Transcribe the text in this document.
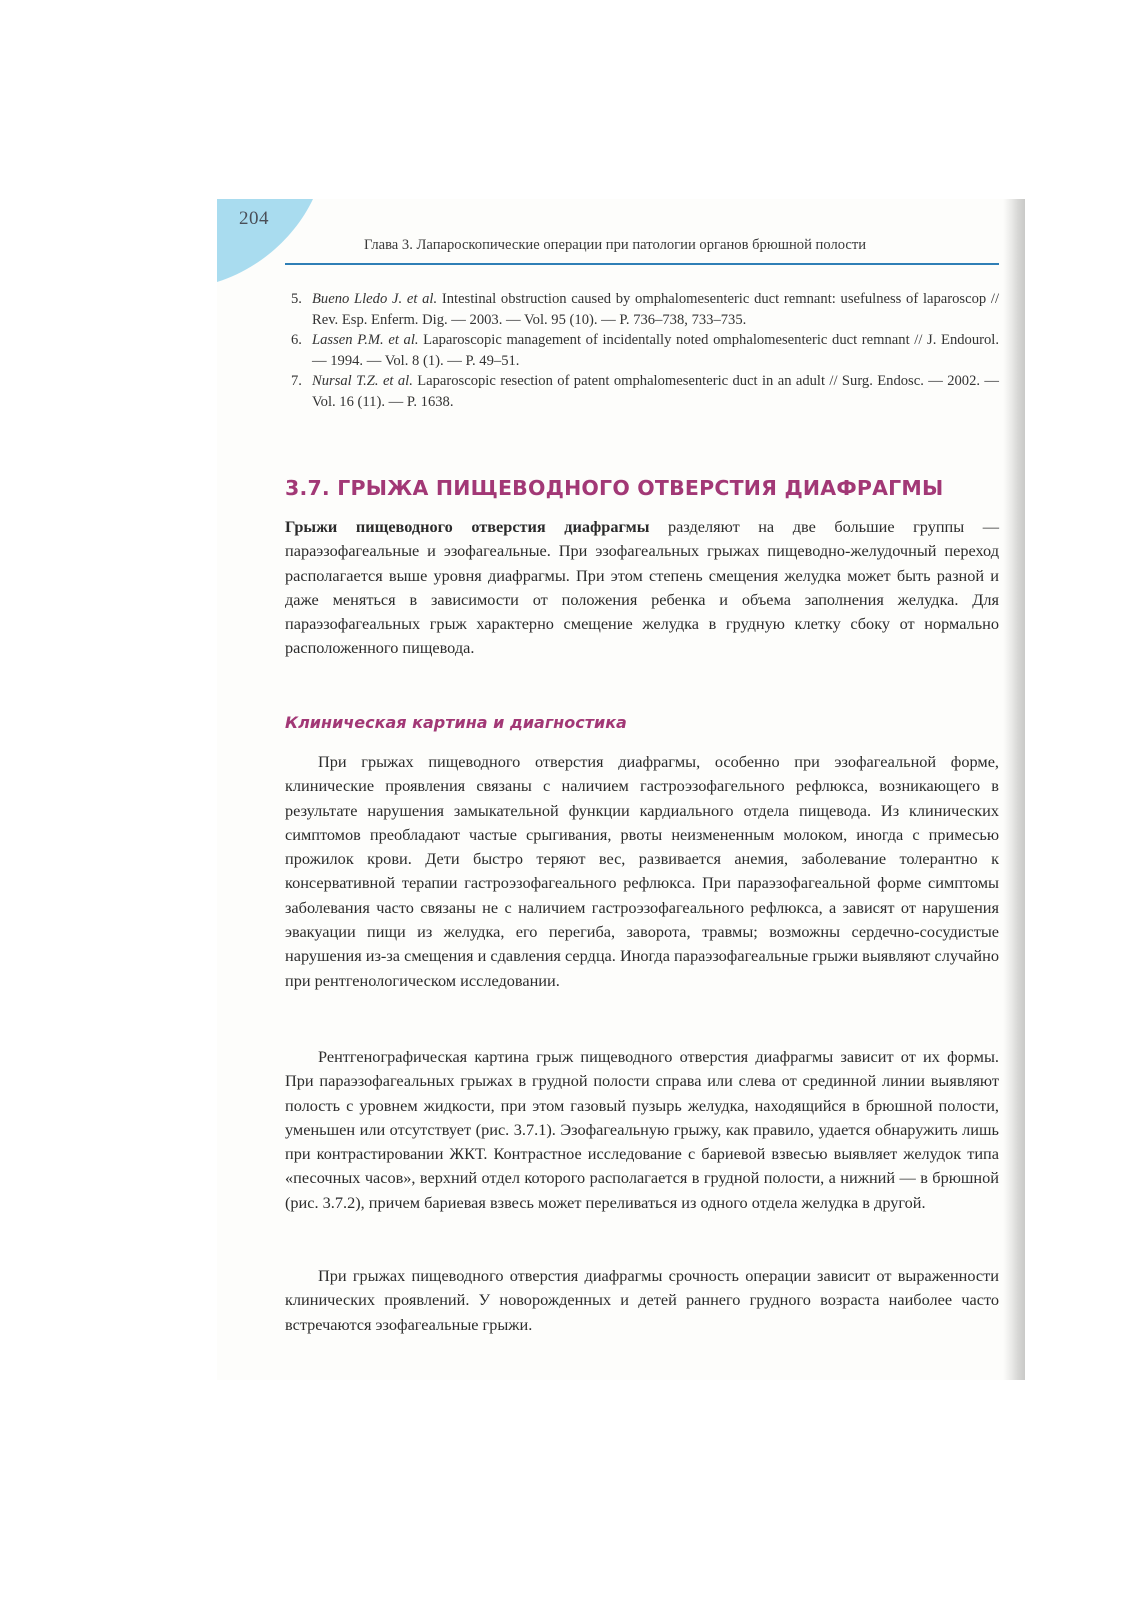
204
Глава 3. Лапароскопические операции при патологии органов брюшной полости
5. Bueno Lledo J. et al. Intestinal obstruction caused by omphalomesenteric duct remnant: usefulness of laparoscop // Rev. Esp. Enferm. Dig. — 2003. — Vol. 95 (10). — P. 736–738, 733–735.
6. Lassen P.M. et al. Laparoscopic management of incidentally noted omphalomesenteric duct remnant // J. Endourol. — 1994. — Vol. 8 (1). — P. 49–51.
7. Nursal T.Z. et al. Laparoscopic resection of patent omphalomesenteric duct in an adult // Surg. Endosc. — 2002. — Vol. 16 (11). — P. 1638.
3.7. ГРЫЖА ПИЩЕВОДНОГО ОТВЕРСТИЯ ДИАФРАГМЫ

Грыжи пищеводного отверстия диафрагмы разделяют на две большие группы — параэзофагеальные и эзофагеальные. При эзофагеальных грыжах пищеводно-желудочный переход располагается выше уровня диафрагмы. При этом степень смещения желудка может быть разной и даже меняться в зависимости от положения ребенка и объема заполнения желудка. Для параэзофагеальных грыж характерно смещение желудка в грудную клетку сбоку от нормально расположенного пищевода.

Клиническая картина и диагностика

При грыжах пищеводного отверстия диафрагмы, особенно при эзофагеальной форме, клинические проявления связаны с наличием гастроэзофагельного рефлюкса, возникающего в результате нарушения замыкательной функции кардиального отдела пищевода. Из клинических симптомов преобладают частые срыгивания, рвоты неизмененным молоком, иногда с примесью прожилок крови. Дети быстро теряют вес, развивается анемия, заболевание толерантно к консервативной терапии гастроэзофагеального рефлюкса. При параэзофагеальной форме симптомы заболевания часто связаны не с наличием гастроэзофагеального рефлюкса, а зависят от нарушения эвакуации пищи из желудка, его перегиба, заворота, травмы; возможны сердечно-сосудистые нарушения из-за смещения и сдавления сердца. Иногда параэзофагеальные грыжи выявляют случайно при рентгенологическом исследовании.

Рентгенографическая картина грыж пищеводного отверстия диафрагмы зависит от их формы. При параэзофагеальных грыжах в грудной полости справа или слева от срединной линии выявляют полость с уровнем жидкости, при этом газовый пузырь желудка, находящийся в брюшной полости, уменьшен или отсутствует (рис. 3.7.1). Эзофагеальную грыжу, как правило, удается обнаружить лишь при контрастировании ЖКТ. Контрастное исследование с бариевой взвесью выявляет желудок типа «песочных часов», верхний отдел которого располагается в грудной полости, а нижний — в брюшной (рис. 3.7.2), причем бариевая взвесь может переливаться из одного отдела желудка в другой.

При грыжах пищеводного отверстия диафрагмы срочность операции зависит от выраженности клинических проявлений. У новорожденных и детей раннего грудного возраста наиболее часто встречаются эзофагеальные грыжи.
